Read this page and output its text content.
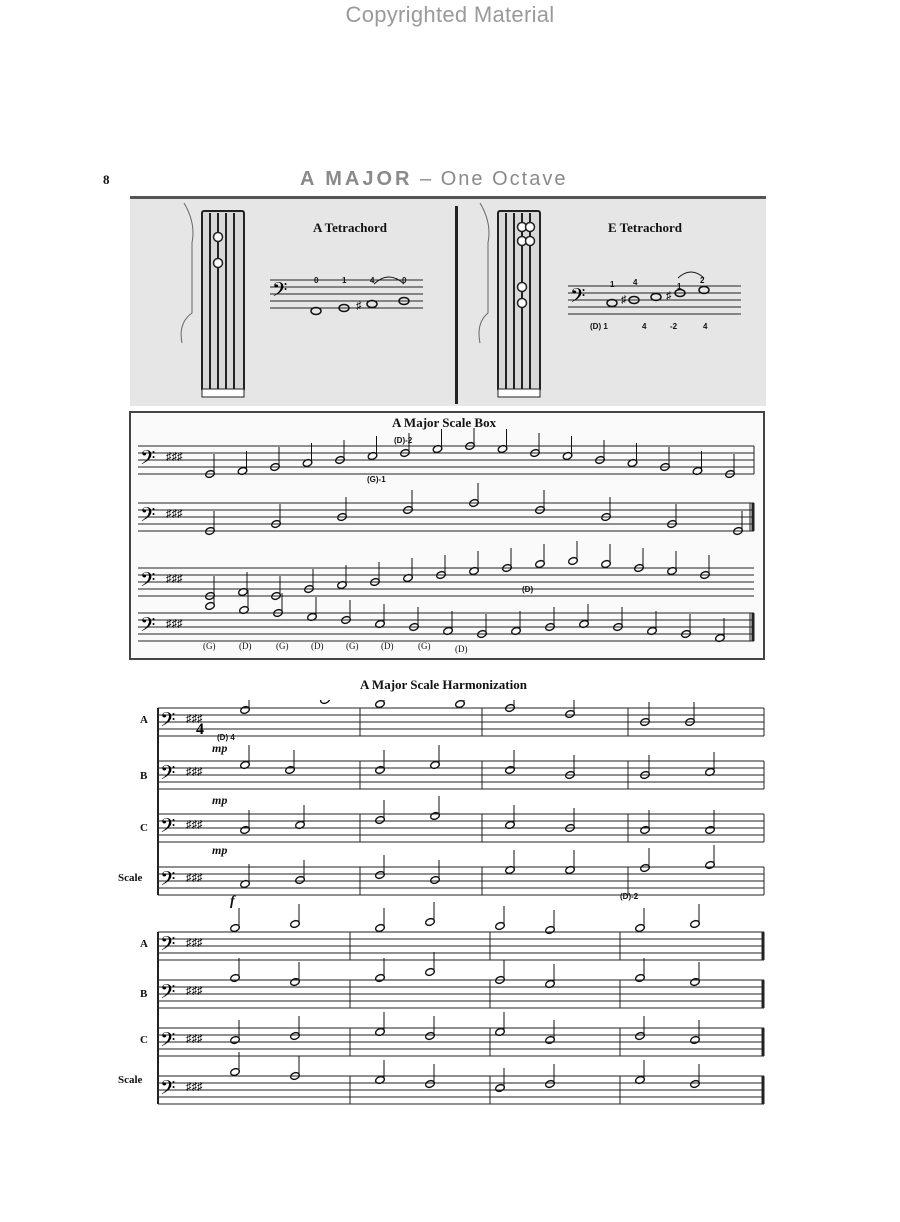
Copyrighted Material
8	A MAJOR – One Octave
A Tetrachord
𝄢	♯
0	1	4	0
E Tetrachord
𝄢	♯	♯
1 4	1
2
(D) 1	4	-2	4
A Major Scale Box
𝄢 ♯♯♯
𝄢 ♯♯♯
𝄢 ♯♯♯
𝄢 ♯♯♯
(D)-2
(G)-1
(D)
(G)	(D)	(G)	(D)	(G)	(D)	(G)	(D)
A Major Scale Harmonization
A
B
C
Scale
A
B
C
Scale
mp
mp
mp
f
(D) 4
(D)-2
𝄢 ♯♯♯
𝄢 ♯♯♯
𝄢 ♯♯♯
𝄢 ♯♯♯
4
𝄢 ♯♯♯
𝄢 ♯♯♯
𝄢 ♯♯♯
𝄢 ♯♯♯
